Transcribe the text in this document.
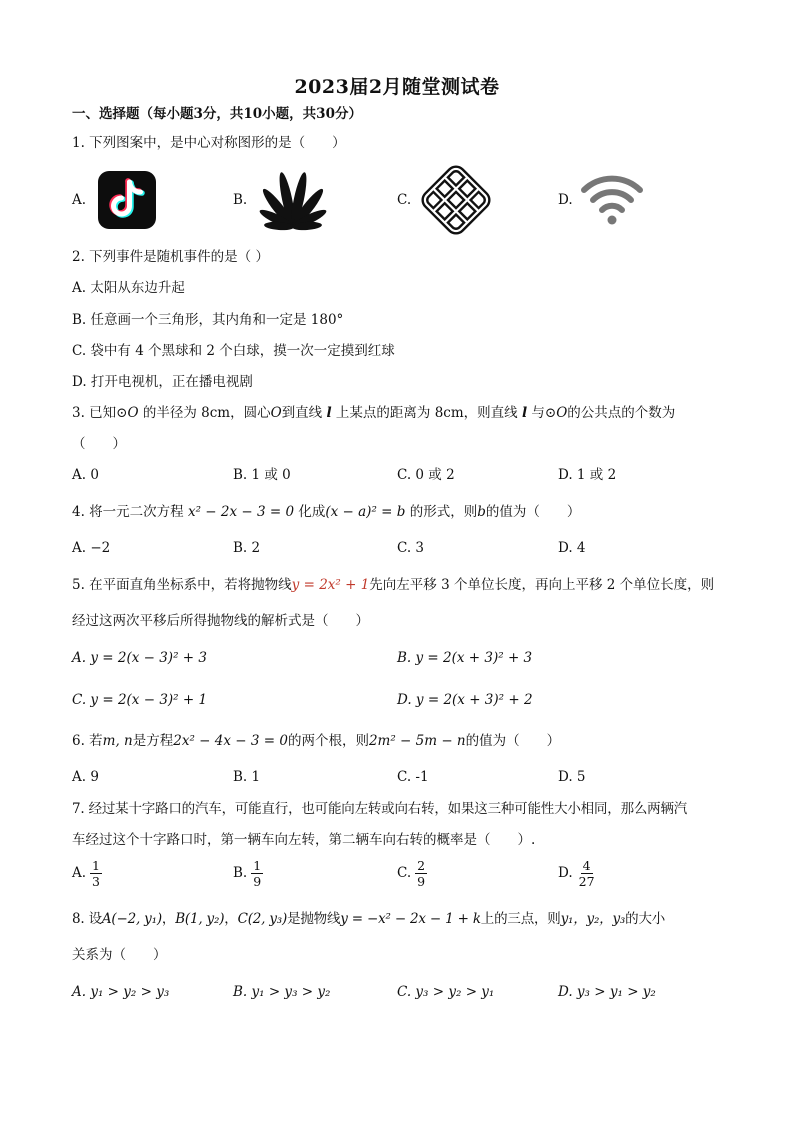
2023届2月随堂测试卷
一、选择题（每小题3分，共10小题，共30分）
1. 下列图案中，是中心对称图形的是（　　）
A.	B.	C.	D.
2. 下列事件是随机事件的是（ ）
A. 太阳从东边升起
B. 任意画一个三角形，其内角和一定是 180°
C. 袋中有 4 个黑球和 2 个白球，摸一次一定摸到红球
D. 打开电视机，正在播电视剧
3. 已知⊙O 的半径为 8cm，圆心O到直线 l 上某点的距离为 8cm，则直线 l 与⊙O的公共点的个数为
（　　）
A. 0	B. 1 或 0	C. 0 或 2	D. 1 或 2
4. 将一元二次方程 x² − 2x − 3 = 0 化成(x − a)² = b 的形式，则b的值为（　　）
A. −2	B. 2	C. 3	D. 4
5. 在平面直角坐标系中，若将抛物线y = 2x² + 1先向左平移 3 个单位长度，再向上平移 2 个单位长度，则
经过这两次平移后所得抛物线的解析式是（　　）
A. y = 2(x − 3)² + 3	B. y = 2(x + 3)² + 3
C. y = 2(x − 3)² + 1	D. y = 2(x + 3)² + 2
6. 若m, n是方程2x² − 4x − 3 = 0的两个根，则2m² − 5m − n的值为（　　）
A. 9	B. 1	C. -1	D. 5
7. 经过某十字路口的汽车，可能直行，也可能向左转或向右转，如果这三种可能性大小相同，那么两辆汽
车经过这个十字路口时，第一辆车向左转，第二辆车向右转的概率是（　　）.
A. $\frac{1}{3}$	B. $\frac{1}{9}$	C. $\frac{2}{9}$	D. $\frac{4}{27}$
8. 设A(−2, y₁)，B(1, y₂)，C(2, y₃)是抛物线y = −x² − 2x − 1 + k上的三点，则y₁，y₂，y₃的大小
关系为（　　）
A. y₁ > y₂ > y₃	B. y₁ > y₃ > y₂	C. y₃ > y₂ > y₁	D. y₃ > y₁ > y₂
